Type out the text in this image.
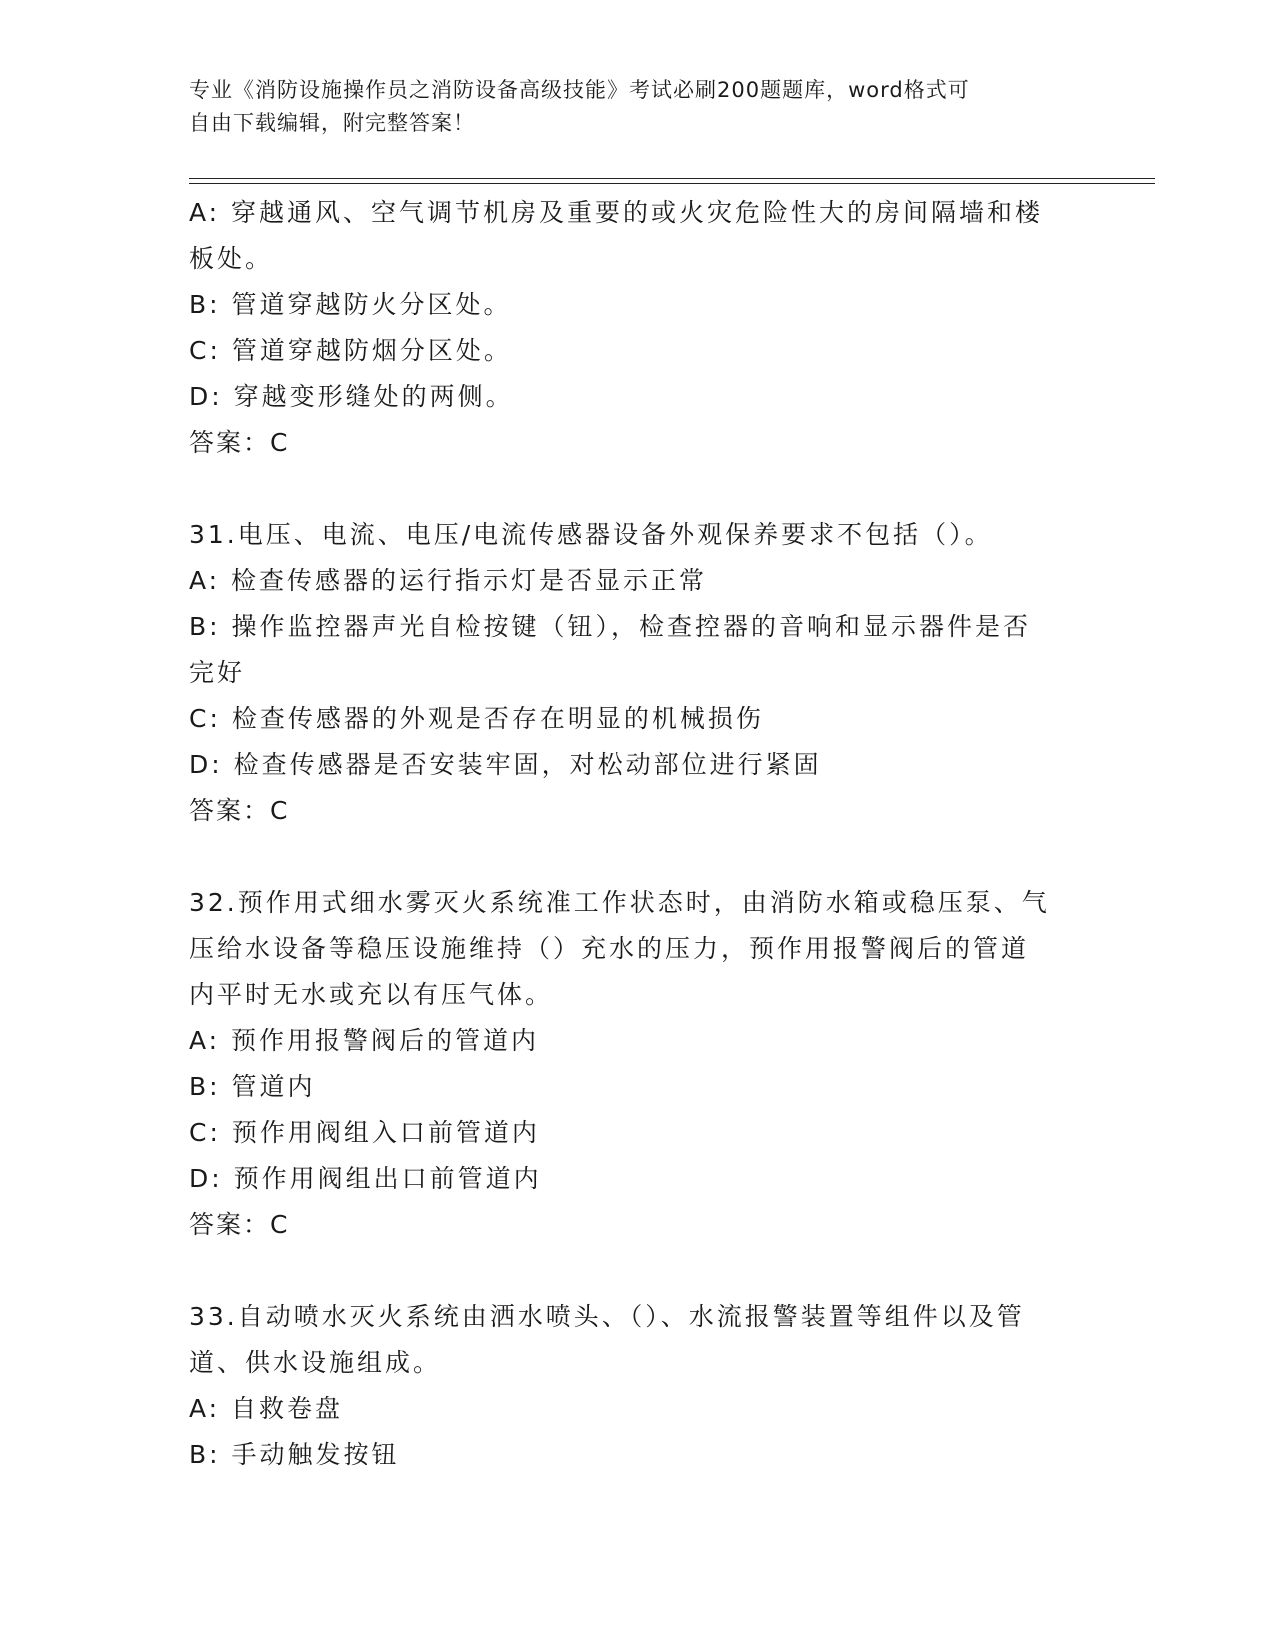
专业《消防设施操作员之消防设备高级技能》考试必刷200题题库，word格式可
自由下载编辑，附完整答案！
A: 穿越通风、空气调节机房及重要的或火灾危险性大的房间隔墙和楼
板处。
B: 管道穿越防火分区处。
C: 管道穿越防烟分区处。
D: 穿越变形缝处的两侧。
答案：C
31.电压、电流、电压/电流传感器设备外观保养要求不包括（）。
A: 检查传感器的运行指示灯是否显示正常
B: 操作监控器声光自检按键（钮），检查控器的音响和显示器件是否
完好
C: 检查传感器的外观是否存在明显的机械损伤
D: 检查传感器是否安装牢固，对松动部位进行紧固
答案：C
32.预作用式细水雾灭火系统准工作状态时，由消防水箱或稳压泵、气
压给水设备等稳压设施维持（）充水的压力，预作用报警阀后的管道
内平时无水或充以有压气体。
A: 预作用报警阀后的管道内
B: 管道内
C: 预作用阀组入口前管道内
D: 预作用阀组出口前管道内
答案：C
33.自动喷水灭火系统由洒水喷头、（）、水流报警装置等组件以及管
道、供水设施组成。
A: 自救卷盘
B: 手动触发按钮
